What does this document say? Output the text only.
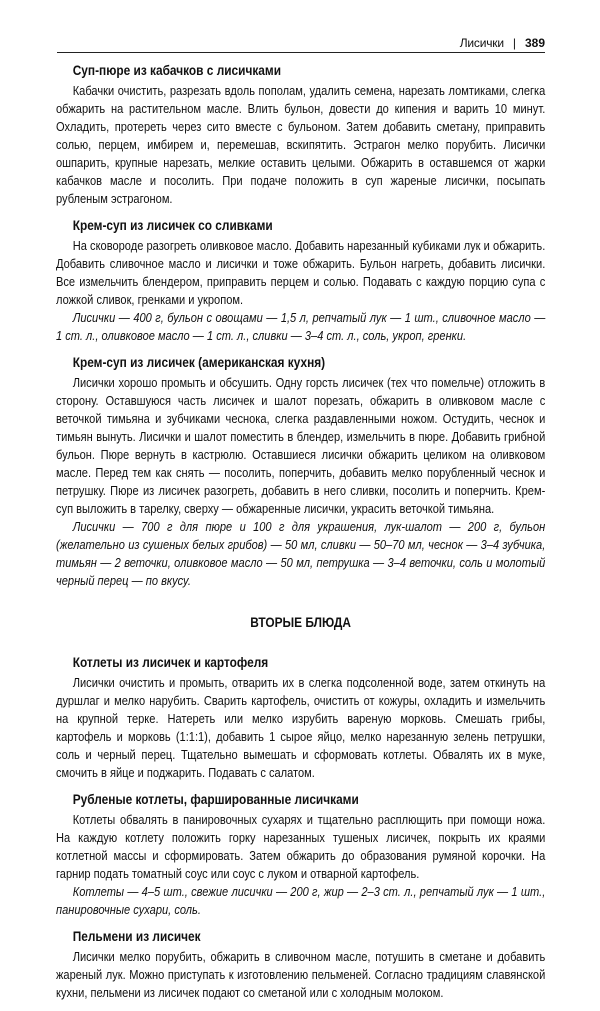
Лисички | 389
Суп-пюре из кабачков с лисичками

Кабачки очистить, разрезать вдоль пополам, удалить семена, нарезать ломтиками, слегка обжарить на растительном масле. Влить бульон, довести до кипения и варить 10 минут. Охладить, протереть через сито вместе с бульоном. Затем добавить сметану, приправить солью, перцем, имбирем и, перемешав, вскипятить. Эстрагон мелко порубить. Лисички ошпарить, крупные нарезать, мелкие оставить целыми. Обжарить в оставшемся от жарки кабачков масле и посолить. При подаче положить в суп жареные лисички, посыпать рубленым эстрагоном.

Крем-суп из лисичек со сливками

На сковороде разогреть оливковое масло. Добавить нарезанный кубиками лук и обжарить. Добавить сливочное масло и лисички и тоже обжарить. Бульон нагреть, добавить лисички. Все измельчить блендером, приправить перцем и солью. Подавать с каждую порцию супа с ложкой сливок, гренками и укропом.

Лисички — 400 г, бульон с овощами — 1,5 л, репчатый лук — 1 шт., сливочное масло — 1 ст. л., оливковое масло — 1 ст. л., сливки — 3–4 ст. л., соль, укроп, гренки.

Крем-суп из лисичек (американская кухня)

Лисички хорошо промыть и обсушить. Одну горсть лисичек (тех что помельче) отложить в сторону. Оставшуюся часть лисичек и шалот порезать, обжарить в оливковом масле с веточкой тимьяна и зубчиками чеснока, слегка раздавленными ножом. Остудить, чеснок и тимьян вынуть. Лисички и шалот поместить в блендер, измельчить в пюре. Добавить грибной бульон. Пюре вернуть в кастрюлю. Оставшиеся лисички обжарить целиком на оливковом масле. Перед тем как снять — посолить, поперчить, добавить мелко порубленный чеснок и петрушку. Пюре из лисичек разогреть, добавить в него сливки, посолить и поперчить. Крем-суп выложить в тарелку, сверху — обжаренные лисички, украсить веточкой тимьяна.

Лисички — 700 г для пюре и 100 г для украшения, лук-шалот — 200 г, бульон (желательно из сушеных белых грибов) — 50 мл, сливки — 50–70 мл, чеснок — 3–4 зубчика, тимьян — 2 веточки, оливковое масло — 50 мл, петрушка — 3–4 веточки, соль и молотый черный перец — по вкусу.

ВТОРЫЕ БЛЮДА
Котлеты из лисичек и картофеля

Лисички очистить и промыть, отварить их в слегка подсоленной воде, затем откинуть на дуршлаг и мелко нарубить. Сварить картофель, очистить от кожуры, охладить и измельчить на крупной терке. Натереть или мелко изрубить вареную морковь. Смешать грибы, картофель и морковь (1:1:1), добавить 1 сырое яйцо, мелко нарезанную зелень петрушки, соль и черный перец. Тщательно вымешать и сформовать котлеты. Обвалять их в муке, смочить в яйце и поджарить. Подавать с салатом.

Рубленые котлеты, фаршированные лисичками

Котлеты обвалять в панировочных сухарях и тщательно расплющить при помощи ножа. На каждую котлету положить горку нарезанных тушеных лисичек, покрыть их краями котлетной массы и сформировать. Затем обжарить до образования румяной корочки. На гарнир подать томатный соус или соус с луком и отварной картофель.

Котлеты — 4–5 шт., свежие лисички — 200 г, жир — 2–3 ст. л., репчатый лук — 1 шт., панировочные сухари, соль.

Пельмени из лисичек

Лисички мелко порубить, обжарить в сливочном масле, потушить в сметане и добавить жареный лук. Можно приступать к изготовлению пельменей. Согласно традициям славянской кухни, пельмени из лисичек подают со сметаной или с холодным молоком.
